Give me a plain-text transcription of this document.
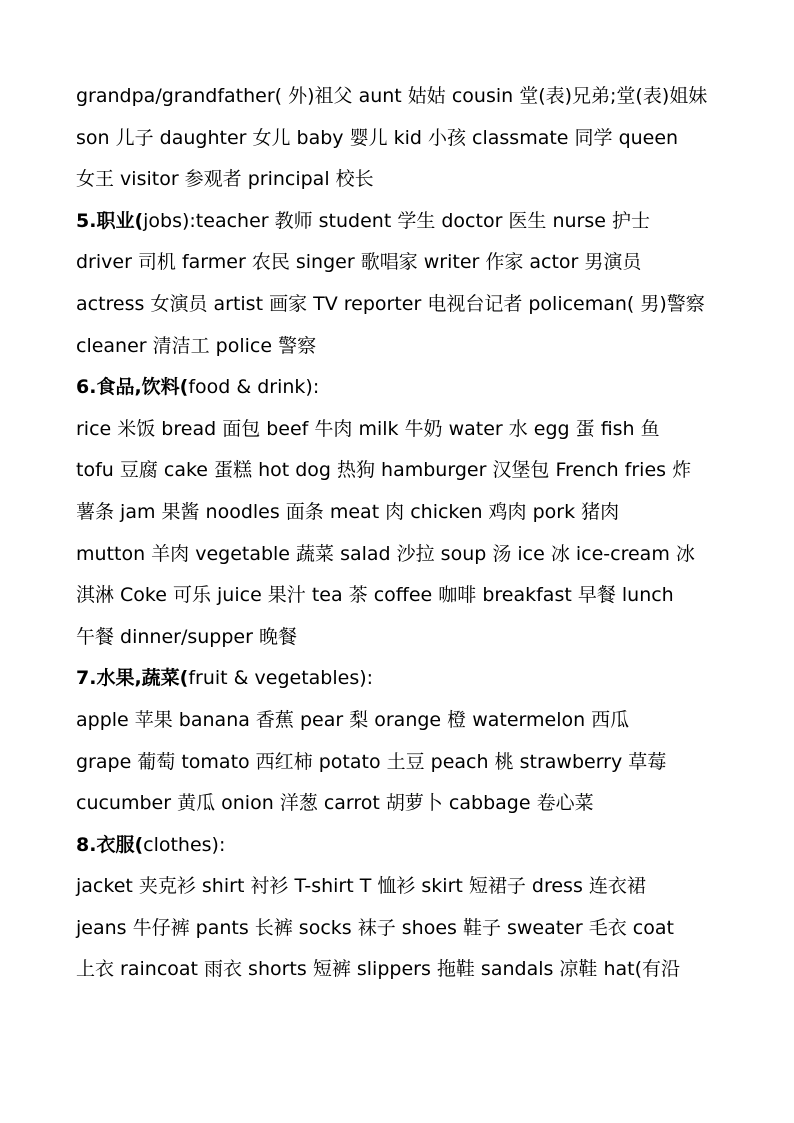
grandpa/grandfather( 外)祖父 aunt 姑姑 cousin 堂(表)兄弟;堂(表)姐妹
son 儿子 daughter 女儿 baby 婴儿 kid 小孩 classmate 同学 queen
女王 visitor 参观者 principal 校长
5.职业(jobs):teacher 教师 student 学生 doctor 医生 nurse 护士
driver 司机 farmer 农民 singer 歌唱家 writer 作家 actor 男演员
actress 女演员 artist 画家 TV reporter 电视台记者 policeman( 男)警察
cleaner 清洁工 police 警察
6.食品,饮料(food & drink):
rice 米饭 bread 面包 beef 牛肉 milk 牛奶 water 水 egg 蛋 fish 鱼
tofu 豆腐 cake 蛋糕 hot dog 热狗 hamburger 汉堡包 French fries 炸
薯条 jam 果酱 noodles 面条 meat 肉 chicken 鸡肉 pork 猪肉
mutton 羊肉 vegetable 蔬菜 salad 沙拉 soup 汤 ice 冰 ice-cream 冰
淇淋 Coke 可乐 juice 果汁 tea 茶 coffee 咖啡 breakfast 早餐 lunch
午餐 dinner/supper 晚餐
7.水果,蔬菜(fruit & vegetables):
apple 苹果 banana 香蕉 pear 梨 orange 橙 watermelon 西瓜
grape 葡萄 tomato 西红柿 potato 土豆 peach 桃 strawberry 草莓
cucumber 黄瓜 onion 洋葱 carrot 胡萝卜 cabbage 卷心菜
8.衣服(clothes):
jacket 夹克衫 shirt 衬衫 T-shirt T 恤衫 skirt 短裙子 dress 连衣裙
jeans 牛仔裤 pants 长裤 socks 袜子 shoes 鞋子 sweater 毛衣 coat
上衣 raincoat 雨衣 shorts 短裤 slippers 拖鞋 sandals 凉鞋 hat(有沿
